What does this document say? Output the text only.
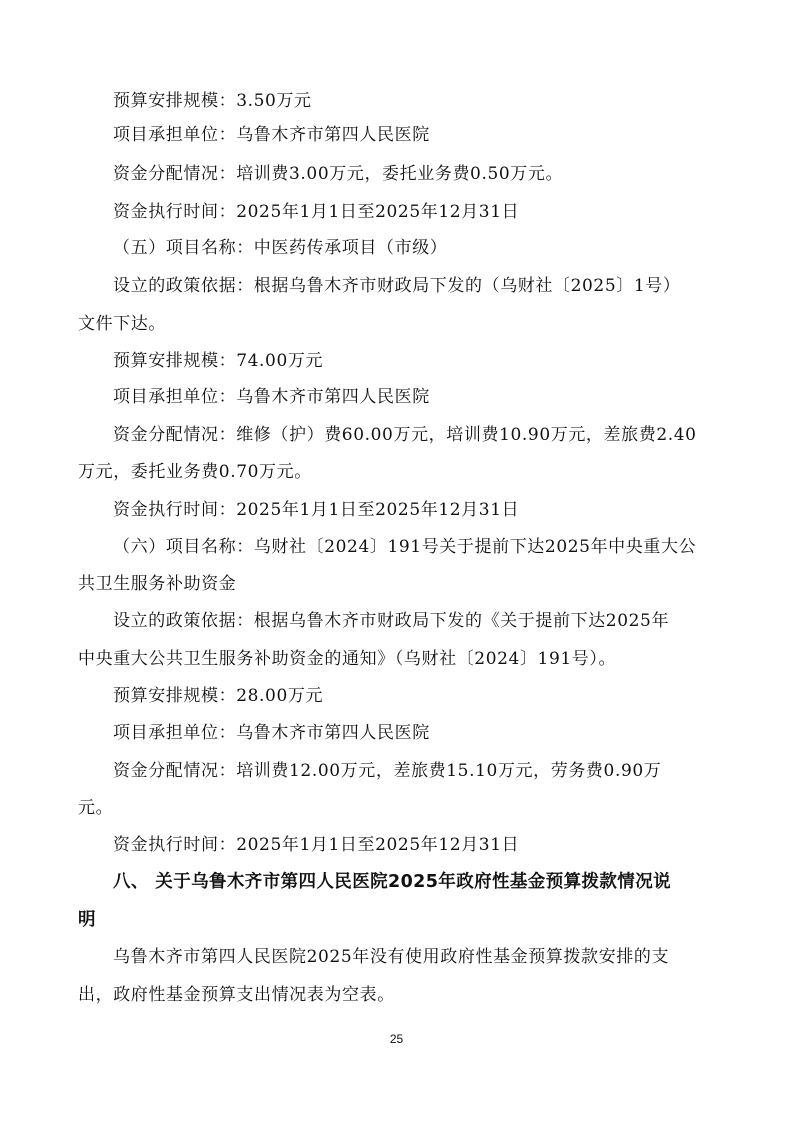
预算安排规模：3.50万元
项目承担单位：乌鲁木齐市第四人民医院
资金分配情况：培训费3.00万元，委托业务费0.50万元。
资金执行时间：2025年1月1日至2025年12月31日
（五）项目名称：中医药传承项目（市级）
设立的政策依据：根据乌鲁木齐市财政局下发的（乌财社〔2025〕1号）
文件下达。
预算安排规模：74.00万元
项目承担单位：乌鲁木齐市第四人民医院
资金分配情况：维修（护）费60.00万元，培训费10.90万元，差旅费2.40
万元，委托业务费0.70万元。
资金执行时间：2025年1月1日至2025年12月31日
（六）项目名称：乌财社〔2024〕191号关于提前下达2025年中央重大公
共卫生服务补助资金
设立的政策依据：根据乌鲁木齐市财政局下发的《关于提前下达2025年
中央重大公共卫生服务补助资金的通知》（乌财社〔2024〕191号）。
预算安排规模：28.00万元
项目承担单位：乌鲁木齐市第四人民医院
资金分配情况：培训费12.00万元，差旅费15.10万元，劳务费0.90万
元。
资金执行时间：2025年1月1日至2025年12月31日
八、 关于乌鲁木齐市第四人民医院2025年政府性基金预算拨款情况说
明
乌鲁木齐市第四人民医院2025年没有使用政府性基金预算拨款安排的支
出，政府性基金预算支出情况表为空表。
25
